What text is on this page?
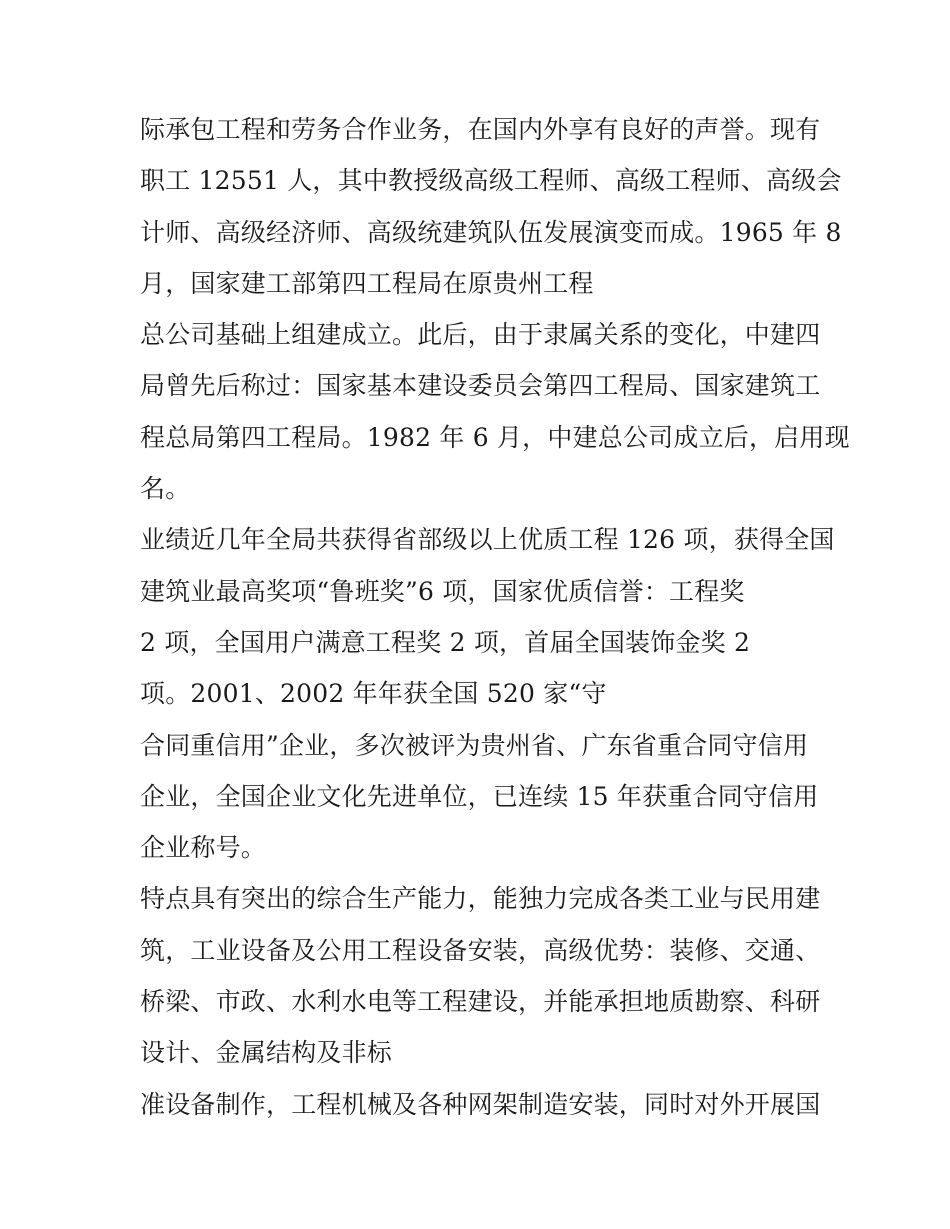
际承包工程和劳务合作业务，在国内外享有良好的声誉。现有
职工 12551 人，其中教授级高级工程师、高级工程师、高级会
计师、高级经济师、高级统建筑队伍发展演变而成。1965 年 8
月，国家建工部第四工程局在原贵州工程
总公司基础上组建成立。此后，由于隶属关系的变化，中建四
局曾先后称过：国家基本建设委员会第四工程局、国家建筑工
程总局第四工程局。1982 年 6 月，中建总公司成立后，启用现
名。
业绩近几年全局共获得省部级以上优质工程 126 项，获得全国
建筑业最高奖项“鲁班奖”6 项，国家优质信誉：工程奖
2 项，全国用户满意工程奖 2 项，首届全国装饰金奖 2
项。2001、2002 年年获全国 520 家“守
合同重信用”企业，多次被评为贵州省、广东省重合同守信用
企业，全国企业文化先进单位，已连续 15 年获重合同守信用
企业称号。
特点具有突出的综合生产能力，能独力完成各类工业与民用建
筑，工业设备及公用工程设备安装，高级优势：装修、交通、
桥梁、市政、水利水电等工程建设，并能承担地质勘察、科研
设计、金属结构及非标
准设备制作，工程机械及各种网架制造安装，同时对外开展国
